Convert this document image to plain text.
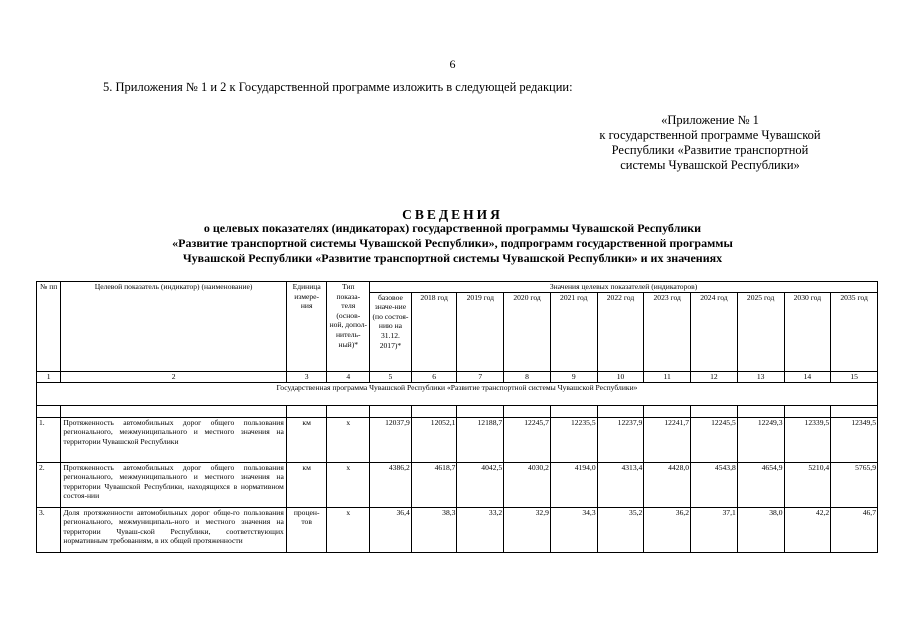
6
5. Приложения № 1 и 2 к Государственной программе изложить в следующей редакции:
«Приложение № 1
к государственной программе Чувашской
Республики «Развитие транспортной
системы Чувашской Республики»
СВЕДЕНИЯ
о целевых показателях (индикаторах) государственной программы Чувашской Республики
«Развитие транспортной системы Чувашской Республики», подпрограмм государственной программы
Чувашской Республики «Развитие транспортной системы Чувашской Республики» и их значениях
№ пп	Целевой показатель (индикатор) (наименование)	Единица измере-ния	Тип показа-теля (основ-ной, допол-нитель-ный)*	Значения целевых показателей (индикаторов)										
				базовое значе-ние (по состоя-нию на 31.12. 2017)*	2018 год	2019 год	2020 год	2021 год	2022 год	2023 год	2024 год	2025 год	2030 год	2035 год
1	2	3	4	5	6	7	8	9	10	11	12	13	14	15
Государственная программа Чувашской Республики «Развитие транспортной системы Чувашской Республики»														

1.	Протяженность автомобильных дорог общего пользования регионального, межмуниципального и местного значения на территории Чувашской Республики	км	х	12037,9	12052,1	12188,7	12245,7	12235,5	12237,9	12241,7	12245,5	12249,3	12339,5	12349,5
2.	Протяженность автомобильных дорог общего пользования регионального, межмуниципального и местного значения на территории Чувашской Республики, находящихся в нормативном состоя-нии	км	х	4386,2	4618,7	4042,5	4030,2	4194,0	4313,4	4428,0	4543,8	4654,9	5210,4	5765,9
3.	Доля протяженности автомобильных дорог обще-го пользования регионального, межмуниципаль-ного и местного значения на территории Чуваш-ской Республики, соответствующих нормативным требованиям, в их общей протяженности	процен-тов	х	36,4	38,3	33,2	32,9	34,3	35,2	36,2	37,1	38,0	42,2	46,7
